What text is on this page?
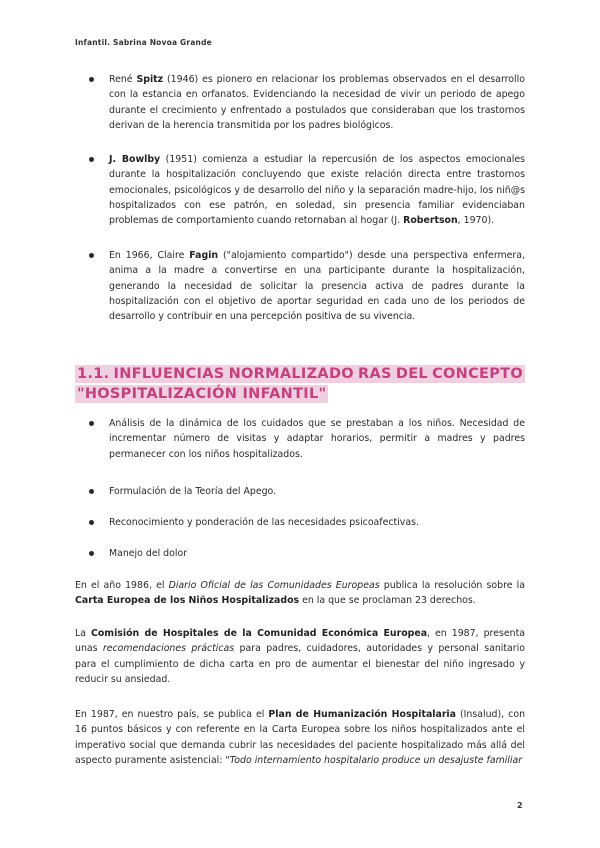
Infantil. Sabrina Novoa Grande
René Spitz (1946) es pionero en relacionar los problemas observados en el desarrollo con la estancia en orfanatos. Evidenciando la necesidad de vivir un periodo de apego durante el crecimiento y enfrentado a postulados que consideraban que los trastornos derivan de la herencia transmitida por los padres biológicos.
J. Bowlby (1951) comienza a estudiar la repercusión de los aspectos emocionales durante la hospitalización concluyendo que existe relación directa entre trastornos emocionales, psicológicos y de desarrollo del niño y la separación madre-hijo, los niñ@s hospitalizados con ese patrón, en soledad, sin presencia familiar evidenciaban problemas de comportamiento cuando retornaban al hogar (J. Robertson, 1970).
En 1966, Claire Fagin ("alojamiento compartido") desde una perspectiva enfermera, anima a la madre a convertirse en una participante durante la hospitalización, generando la necesidad de solicitar la presencia activa de padres durante la hospitalización con el objetivo de aportar seguridad en cada uno de los periodos de desarrollo y contribuir en una percepción positiva de su vivencia.
1.1. INFLUENCIAS NORMALIZADO RAS DEL CONCEPTO
"HOSPITALIZACIÓN INFANTIL"
Análisis de la dinámica de los cuidados que se prestaban a los niños. Necesidad de incrementar número de visitas y adaptar horarios, permitir a madres y padres permanecer con los niños hospitalizados.
Formulación de la Teoría del Apego.
Reconocimiento y ponderación de las necesidades psicoafectivas.
Manejo del dolor
En el año 1986, el Diario Oficial de las Comunidades Europeas publica la resolución sobre la Carta Europea de los Niños Hospitalizados en la que se proclaman 23 derechos.
La Comisión de Hospitales de la Comunidad Económica Europea, en 1987, presenta unas recomendaciones prácticas para padres, cuidadores, autoridades y personal sanitario para el cumplimiento de dicha carta en pro de aumentar el bienestar del niño ingresado y reducir su ansiedad.
En 1987, en nuestro país, se publica el Plan de Humanización Hospitalaria (Insalud), con 16 puntos básicos y con referente en la Carta Europea sobre los niños hospitalizados ante el imperativo social que demanda cubrir las necesidades del paciente hospitalizado más allá del aspecto puramente asistencial: "Todo internamiento hospitalario produce un desajuste familiar
2
